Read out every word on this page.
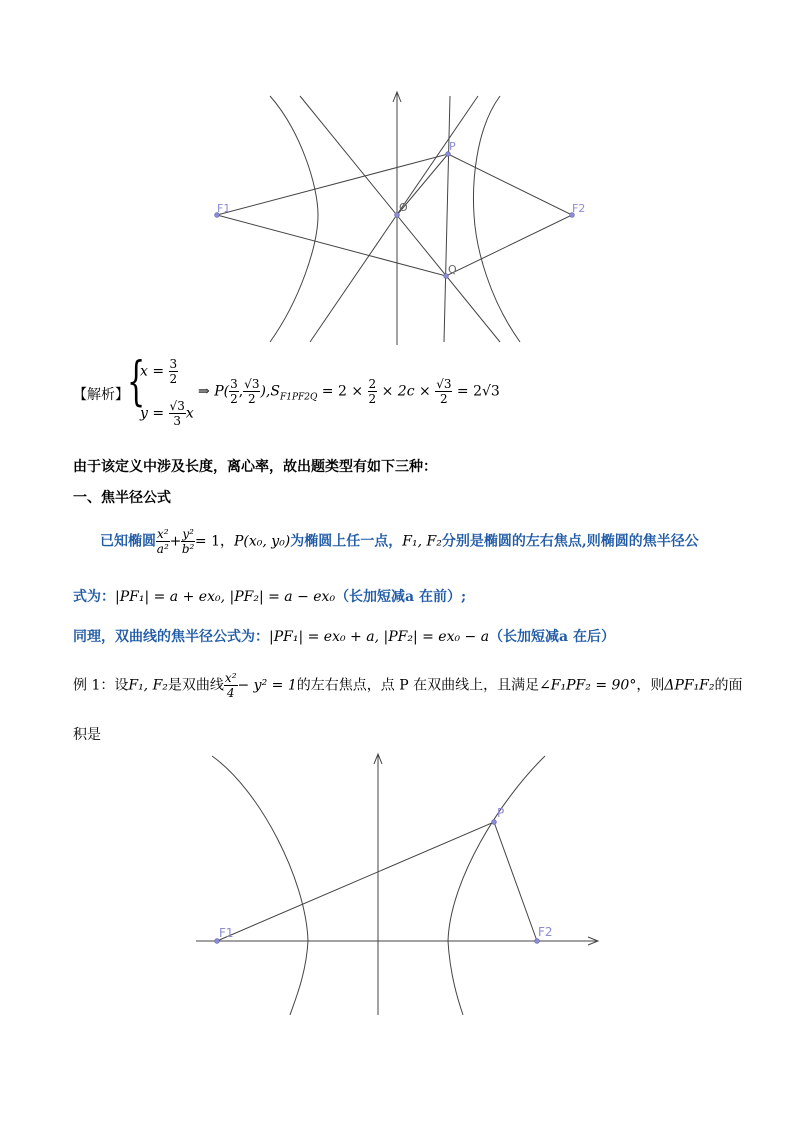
F1	F2
P
O
Q
【解析】
{
$x = \frac{3}{2}$
$y = \frac{√3}{3}$ x
⇒ $P( \frac{3}{2}$ , $\frac{√3}{2} ),S_{F1PF2Q} = 2 \times \frac{2}{2} \times 2c \times \frac{√3}{2} = 2√3$
由于该定义中涉及长度，离心率，故出题类型有如下三种：
一、焦半径公式
已知椭圆 $\frac{\text{x²}}{\text{a²}} + \frac{\text{y²}}{\text{b²}} = 1$，P(x₀, y₀)为椭圆上任一点，F₁, F₂分别是椭圆的左右焦点,则椭圆的焦半径公
式为：|PF₁| = a + ex₀, |PF₂| = a − ex₀（长加短减a 在前）;
同理，双曲线的焦半径公式为：|PF₁| = ex₀ + a, |PF₂| = ex₀ − a（长加短减a 在后）
例 1：设F₁, F₂是双曲线 $\frac{\text{x²}}{4} - y^2 = 1$的左右焦点，点 P 在双曲线上，且满足∠F₁PF₂ = 90°，则ΔPF₁F₂的面
积是
F1	F2
P
